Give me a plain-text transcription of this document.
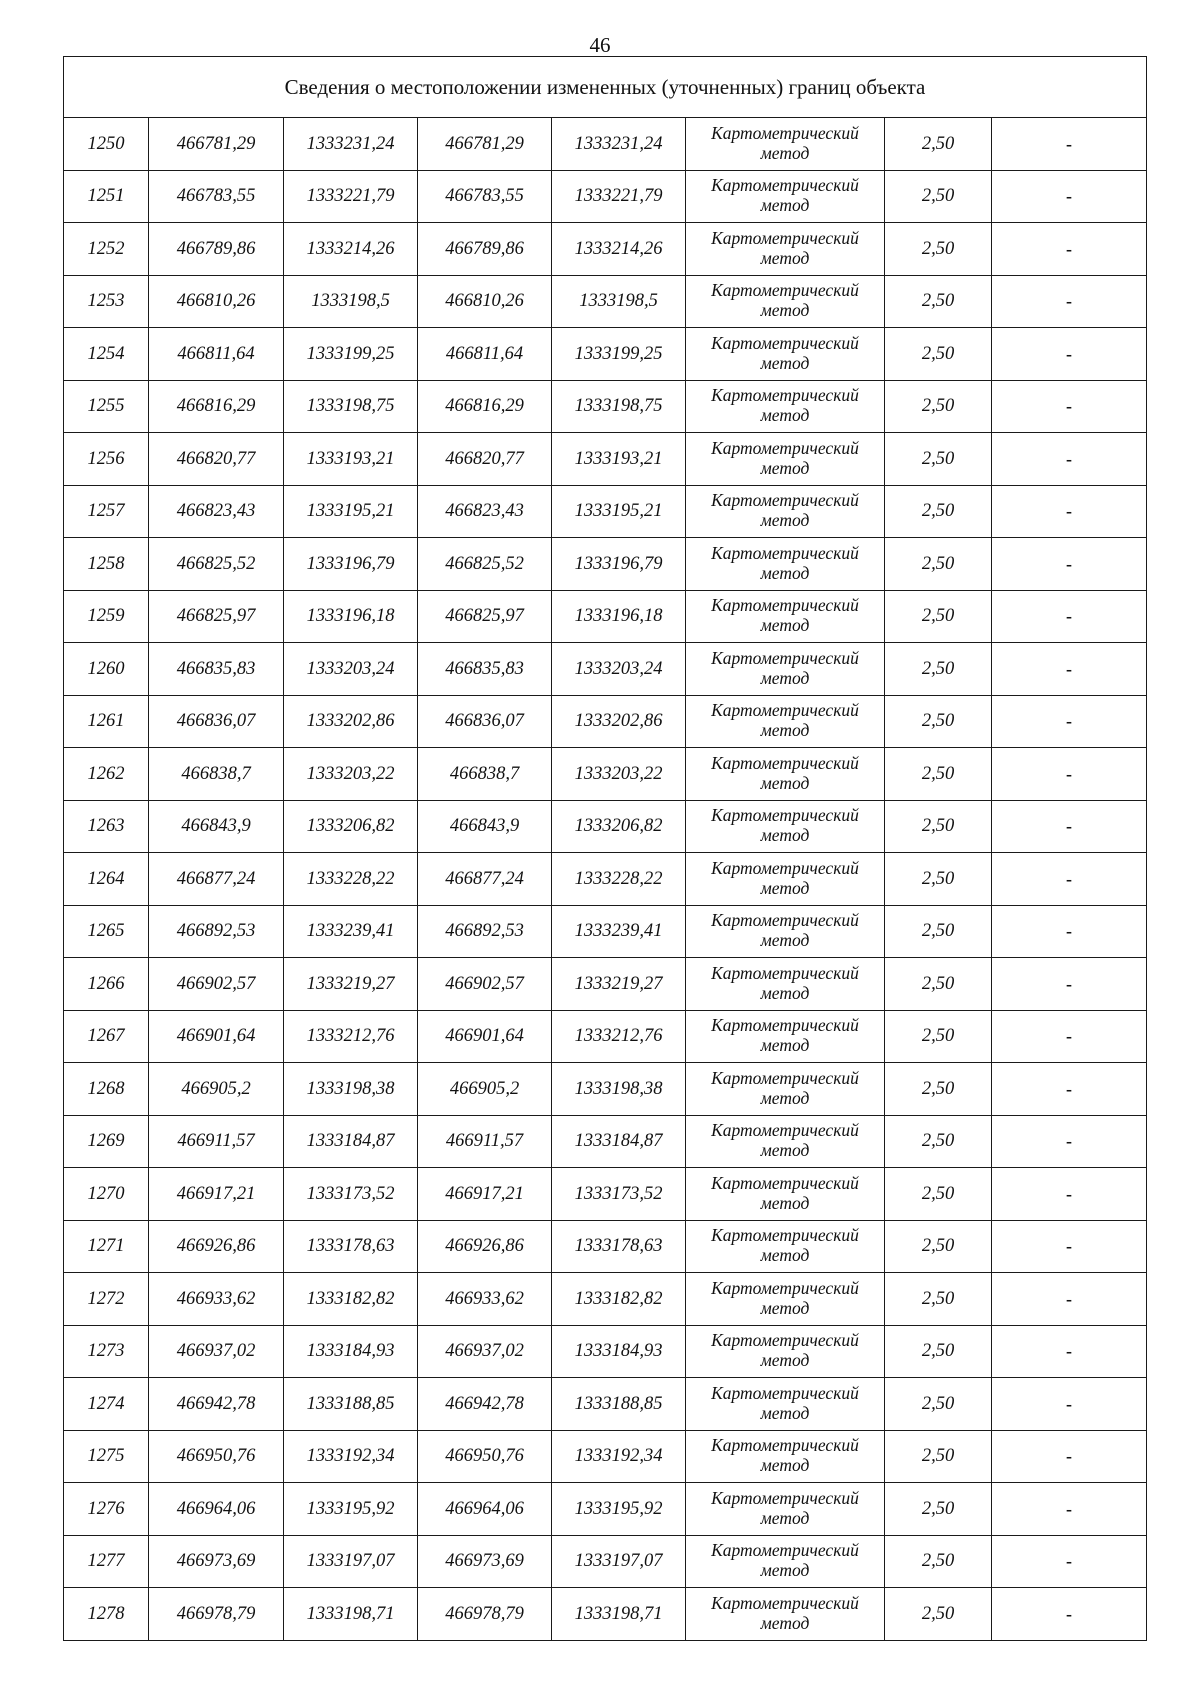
46
Сведения о местоположении измененных (уточненных) границ объекта							
1250	466781,29	1333231,24	466781,29	1333231,24	Картометрический метод	2,50	-
1251	466783,55	1333221,79	466783,55	1333221,79	Картометрический метод	2,50	-
1252	466789,86	1333214,26	466789,86	1333214,26	Картометрический метод	2,50	-
1253	466810,26	1333198,5	466810,26	1333198,5	Картометрический метод	2,50	-
1254	466811,64	1333199,25	466811,64	1333199,25	Картометрический метод	2,50	-
1255	466816,29	1333198,75	466816,29	1333198,75	Картометрический метод	2,50	-
1256	466820,77	1333193,21	466820,77	1333193,21	Картометрический метод	2,50	-
1257	466823,43	1333195,21	466823,43	1333195,21	Картометрический метод	2,50	-
1258	466825,52	1333196,79	466825,52	1333196,79	Картометрический метод	2,50	-
1259	466825,97	1333196,18	466825,97	1333196,18	Картометрический метод	2,50	-
1260	466835,83	1333203,24	466835,83	1333203,24	Картометрический метод	2,50	-
1261	466836,07	1333202,86	466836,07	1333202,86	Картометрический метод	2,50	-
1262	466838,7	1333203,22	466838,7	1333203,22	Картометрический метод	2,50	-
1263	466843,9	1333206,82	466843,9	1333206,82	Картометрический метод	2,50	-
1264	466877,24	1333228,22	466877,24	1333228,22	Картометрический метод	2,50	-
1265	466892,53	1333239,41	466892,53	1333239,41	Картометрический метод	2,50	-
1266	466902,57	1333219,27	466902,57	1333219,27	Картометрический метод	2,50	-
1267	466901,64	1333212,76	466901,64	1333212,76	Картометрический метод	2,50	-
1268	466905,2	1333198,38	466905,2	1333198,38	Картометрический метод	2,50	-
1269	466911,57	1333184,87	466911,57	1333184,87	Картометрический метод	2,50	-
1270	466917,21	1333173,52	466917,21	1333173,52	Картометрический метод	2,50	-
1271	466926,86	1333178,63	466926,86	1333178,63	Картометрический метод	2,50	-
1272	466933,62	1333182,82	466933,62	1333182,82	Картометрический метод	2,50	-
1273	466937,02	1333184,93	466937,02	1333184,93	Картометрический метод	2,50	-
1274	466942,78	1333188,85	466942,78	1333188,85	Картометрический метод	2,50	-
1275	466950,76	1333192,34	466950,76	1333192,34	Картометрический метод	2,50	-
1276	466964,06	1333195,92	466964,06	1333195,92	Картометрический метод	2,50	-
1277	466973,69	1333197,07	466973,69	1333197,07	Картометрический метод	2,50	-
1278	466978,79	1333198,71	466978,79	1333198,71	Картометрический метод	2,50	-
